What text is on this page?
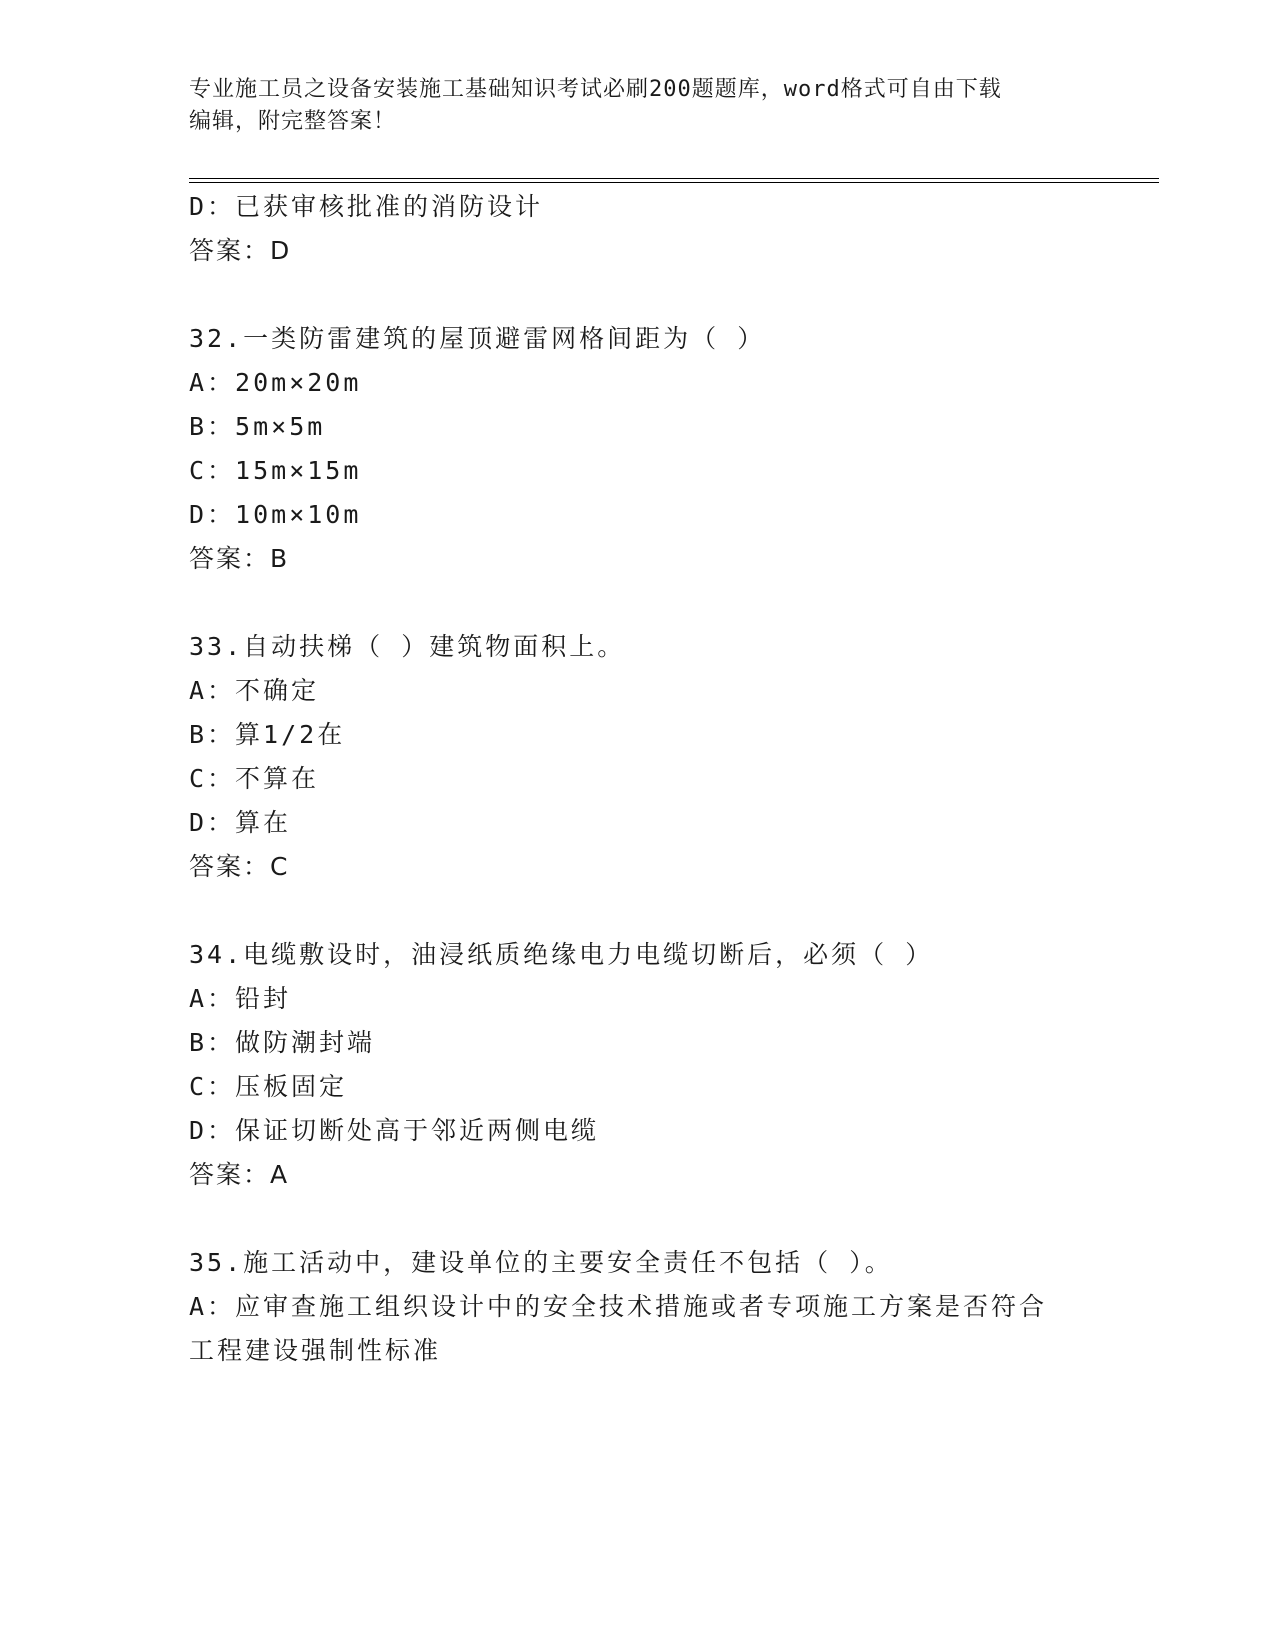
专业施工员之设备安装施工基础知识考试必刷200题题库，word格式可自由下载
编辑，附完整答案！
D：已获审核批准的消防设计
答案：D
32.一类防雷建筑的屋顶避雷网格间距为（ ）
A：20m×20m
B：5m×5m
C：15m×15m
D：10m×10m
答案：B
33.自动扶梯（ ）建筑物面积上。
A：不确定
B：算1/2在
C：不算在
D：算在
答案：C
34.电缆敷设时，油浸纸质绝缘电力电缆切断后，必须（ ）
A：铅封
B：做防潮封端
C：压板固定
D：保证切断处高于邻近两侧电缆
答案：A
35.施工活动中，建设单位的主要安全责任不包括（ ）。
A：应审查施工组织设计中的安全技术措施或者专项施工方案是否符合
工程建设强制性标准
